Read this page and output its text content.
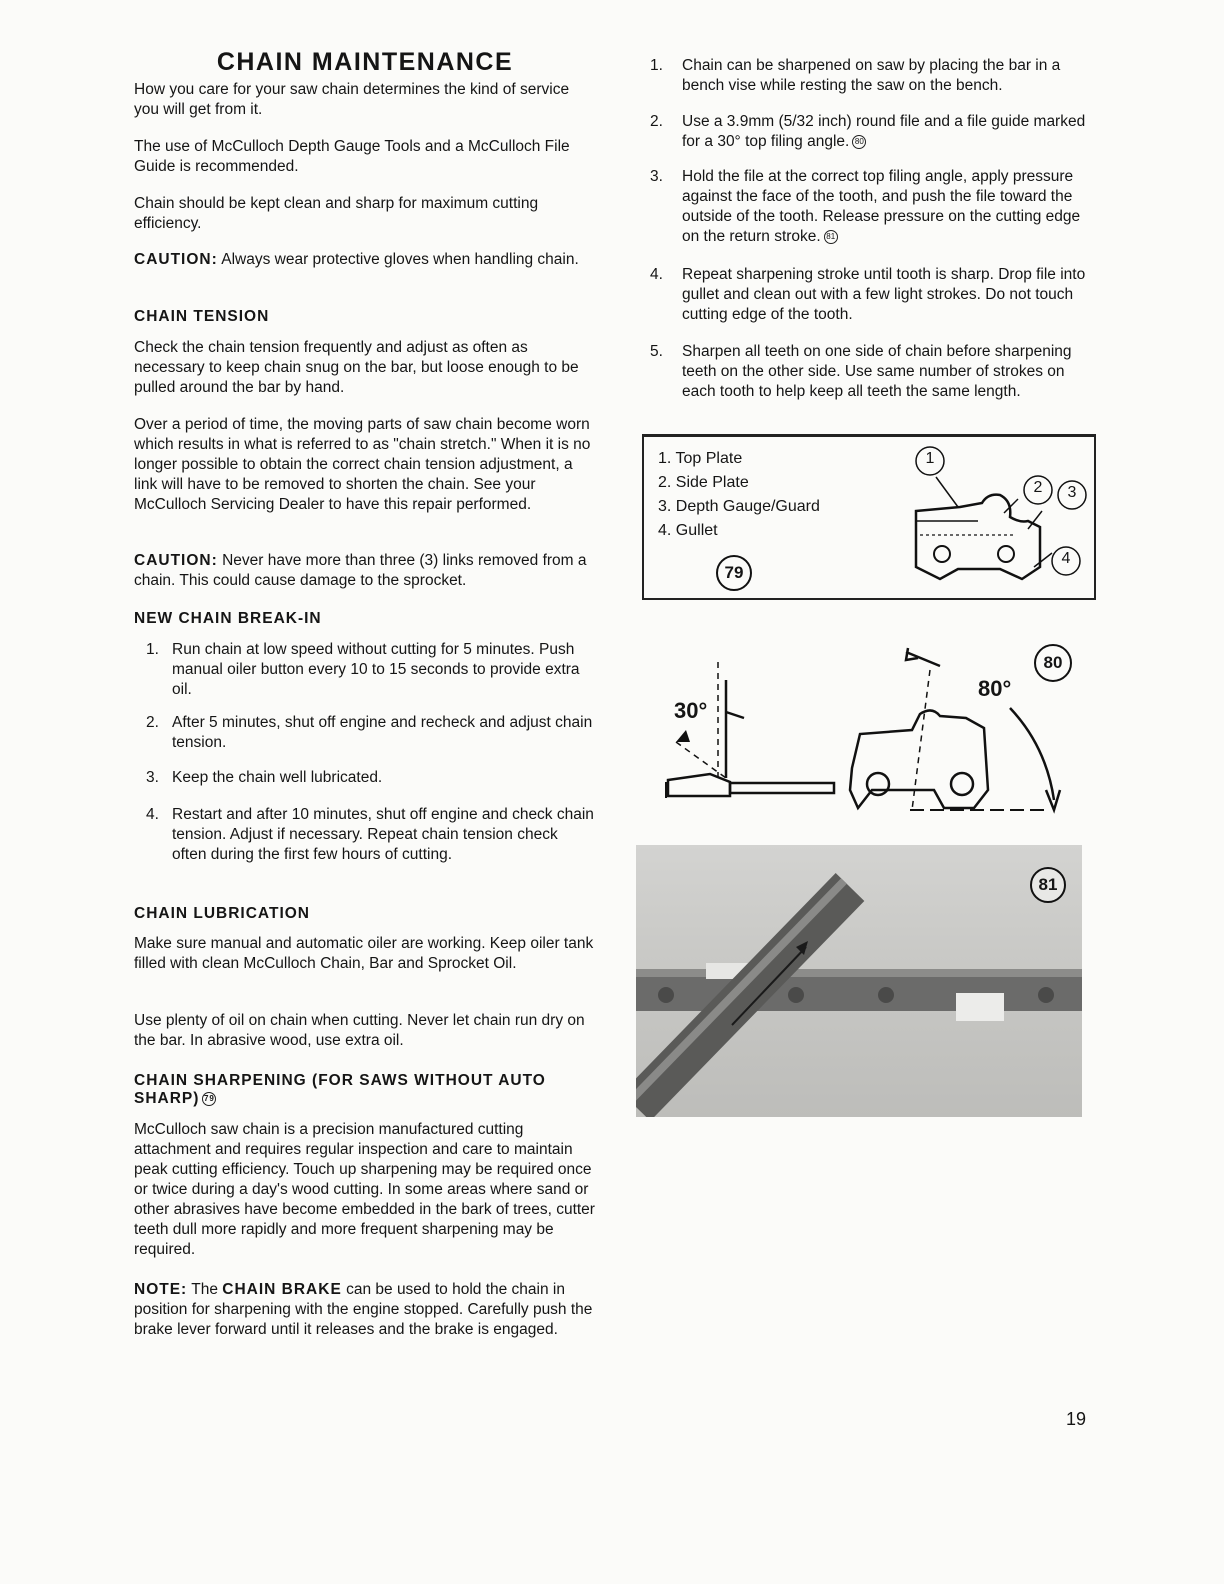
CHAIN MAINTENANCE

How you care for your saw chain determines the kind of service you will get from it.

The use of McCulloch Depth Gauge Tools and a McCulloch File Guide is recommended.

Chain should be kept clean and sharp for maximum cutting efficiency.

CAUTION: Always wear protective gloves when handling chain.

CHAIN TENSION

Check the chain tension frequently and adjust as often as necessary to keep chain snug on the bar, but loose enough to be pulled around the bar by hand.

Over a period of time, the moving parts of saw chain become worn which results in what is referred to as "chain stretch." When it is no longer possible to obtain the correct chain tension adjustment, a link will have to be removed to shorten the chain. See your McCulloch Servicing Dealer to have this repair performed.

CAUTION: Never have more than three (3) links removed from a chain. This could cause damage to the sprocket.

NEW CHAIN BREAK-IN
1. Run chain at low speed without cutting for 5 minutes. Push manual oiler button every 10 to 15 seconds to provide extra oil.
2. After 5 minutes, shut off engine and recheck and adjust chain tension.
3. Keep the chain well lubricated.
4. Restart and after 10 minutes, shut off engine and check chain tension. Adjust if necessary. Repeat chain tension check often during the first few hours of cutting.
CHAIN LUBRICATION

Make sure manual and automatic oiler are working. Keep oiler tank filled with clean McCulloch Chain, Bar and Sprocket Oil.

Use plenty of oil on chain when cutting. Never let chain run dry on the bar. In abrasive wood, use extra oil.

CHAIN SHARPENING (FOR SAWS WITHOUT AUTO SHARP) 79

McCulloch saw chain is a precision manufactured cutting attachment and requires regular inspection and care to maintain peak cutting efficiency. Touch up sharpening may be required once or twice during a day's wood cutting. In some areas where sand or other abrasives have become embedded in the bark of trees, cutter teeth dull more rapidly and more frequent sharpening may be required.

NOTE: The CHAIN BRAKE can be used to hold the chain in position for sharpening with the engine stopped. Carefully push the brake lever forward until it releases and the brake is engaged.

1. Chain can be sharpened on saw by placing the bar in a bench vise while resting the saw on the bench.
2. Use a 3.9mm (5/32 inch) round file and a file guide marked for a 30° top filing angle. 80
3. Hold the file at the correct top filing angle, apply pressure against the face of the tooth, and push the file toward the outside of the tooth. Release pressure on the cutting edge on the return stroke. 81
4. Repeat sharpening stroke until tooth is sharp. Drop file into gullet and clean out with a few light strokes. Do not touch cutting edge of the tooth.
5. Sharpen all teeth on one side of chain before sharpening teeth on the other side. Use same number of strokes on each tooth to help keep all teeth the same length.
1. Top Plate
2. Side Plate
3. Depth Gauge/Guard
4. Gullet
79
1
2 3
4
80
30°
80°
81
19
